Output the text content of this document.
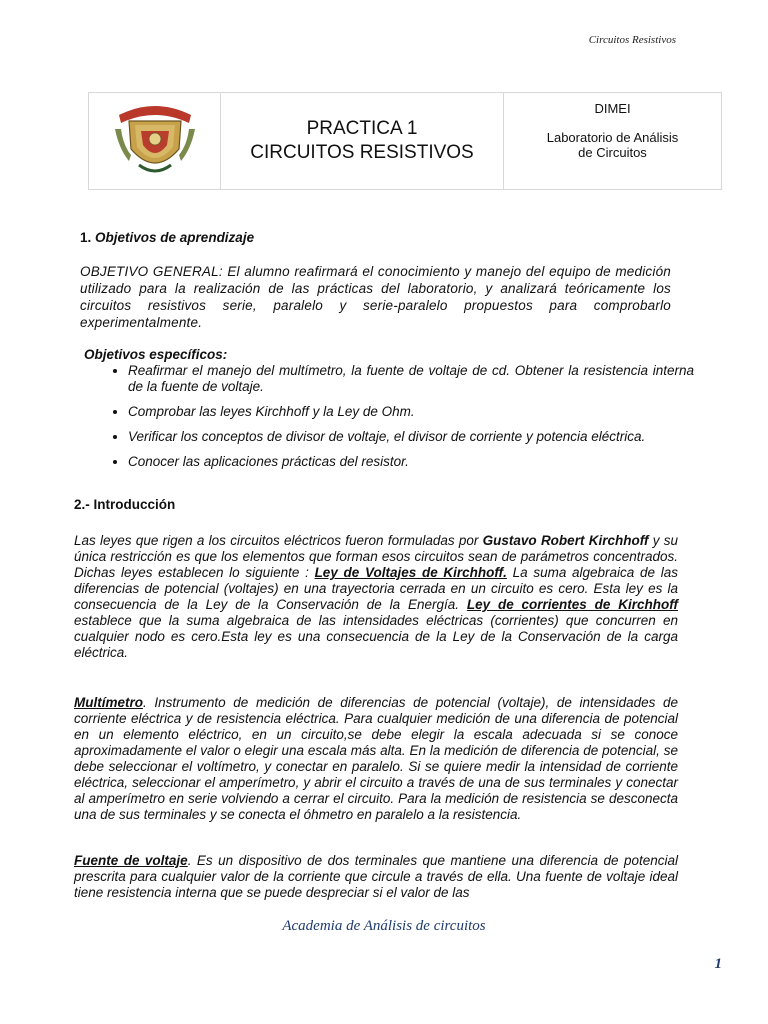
Circuitos Resistivos

PRACTICA 1
CIRCUITOS RESISTIVOS

DIMEI
Laboratorio de Análisis
de Circuitos
1. Objetivos de aprendizaje
OBJETIVO GENERAL: El alumno reafirmará el conocimiento y manejo del equipo de medición utilizado para la realización de las prácticas del laboratorio, y analizará teóricamente los circuitos resistivos serie, paralelo y serie-paralelo propuestos para comprobarlo experimentalmente.
Objetivos específicos:
• Reafirmar el manejo del multímetro, la fuente de voltaje de cd. Obtener la resistencia interna de la fuente de voltaje.
• Comprobar las leyes Kirchhoff y la Ley de Ohm.
• Verificar los conceptos de divisor de voltaje, el divisor de corriente y potencia eléctrica.
• Conocer las aplicaciones prácticas del resistor.
2.- Introducción
Las leyes que rigen a los circuitos eléctricos fueron formuladas por Gustavo Robert Kirchhoff y su única restricción es que los elementos que forman esos circuitos sean de parámetros concentrados. Dichas leyes establecen lo siguiente : Ley de Voltajes de Kirchhoff. La suma algebraica de las diferencias de potencial (voltajes) en una trayectoria cerrada en un circuito es cero. Esta ley es la consecuencia de la Ley de la Conservación de la Energía. Ley de corrientes de Kirchhoff establece que la suma algebraica de las intensidades eléctricas (corrientes) que concurren en cualquier nodo es cero.Esta ley es una consecuencia de la Ley de la Conservación de la carga eléctrica.
Multímetro. Instrumento de medición de diferencias de potencial (voltaje), de intensidades de corriente eléctrica y de resistencia eléctrica. Para cualquier medición de una diferencia de potencial en un elemento eléctrico, en un circuito,se debe elegir la escala adecuada si se conoce aproximadamente el valor o elegir una escala más alta. En la medición de diferencia de potencial, se debe seleccionar el voltímetro, y conectar en paralelo. Si se quiere medir la intensidad de corriente eléctrica, seleccionar el amperímetro, y abrir el circuito a través de una de sus terminales y conectar al amperímetro en serie volviendo a cerrar el circuito. Para la medición de resistencia se desconecta una de sus terminales y se conecta el óhmetro en paralelo a la resistencia.
Fuente de voltaje. Es un dispositivo de dos terminales que mantiene una diferencia de potencial prescrita para cualquier valor de la corriente que circule a través de ella. Una fuente de voltaje ideal tiene resistencia interna que se puede despreciar si el valor de las
Academia de Análisis de circuitos
1
